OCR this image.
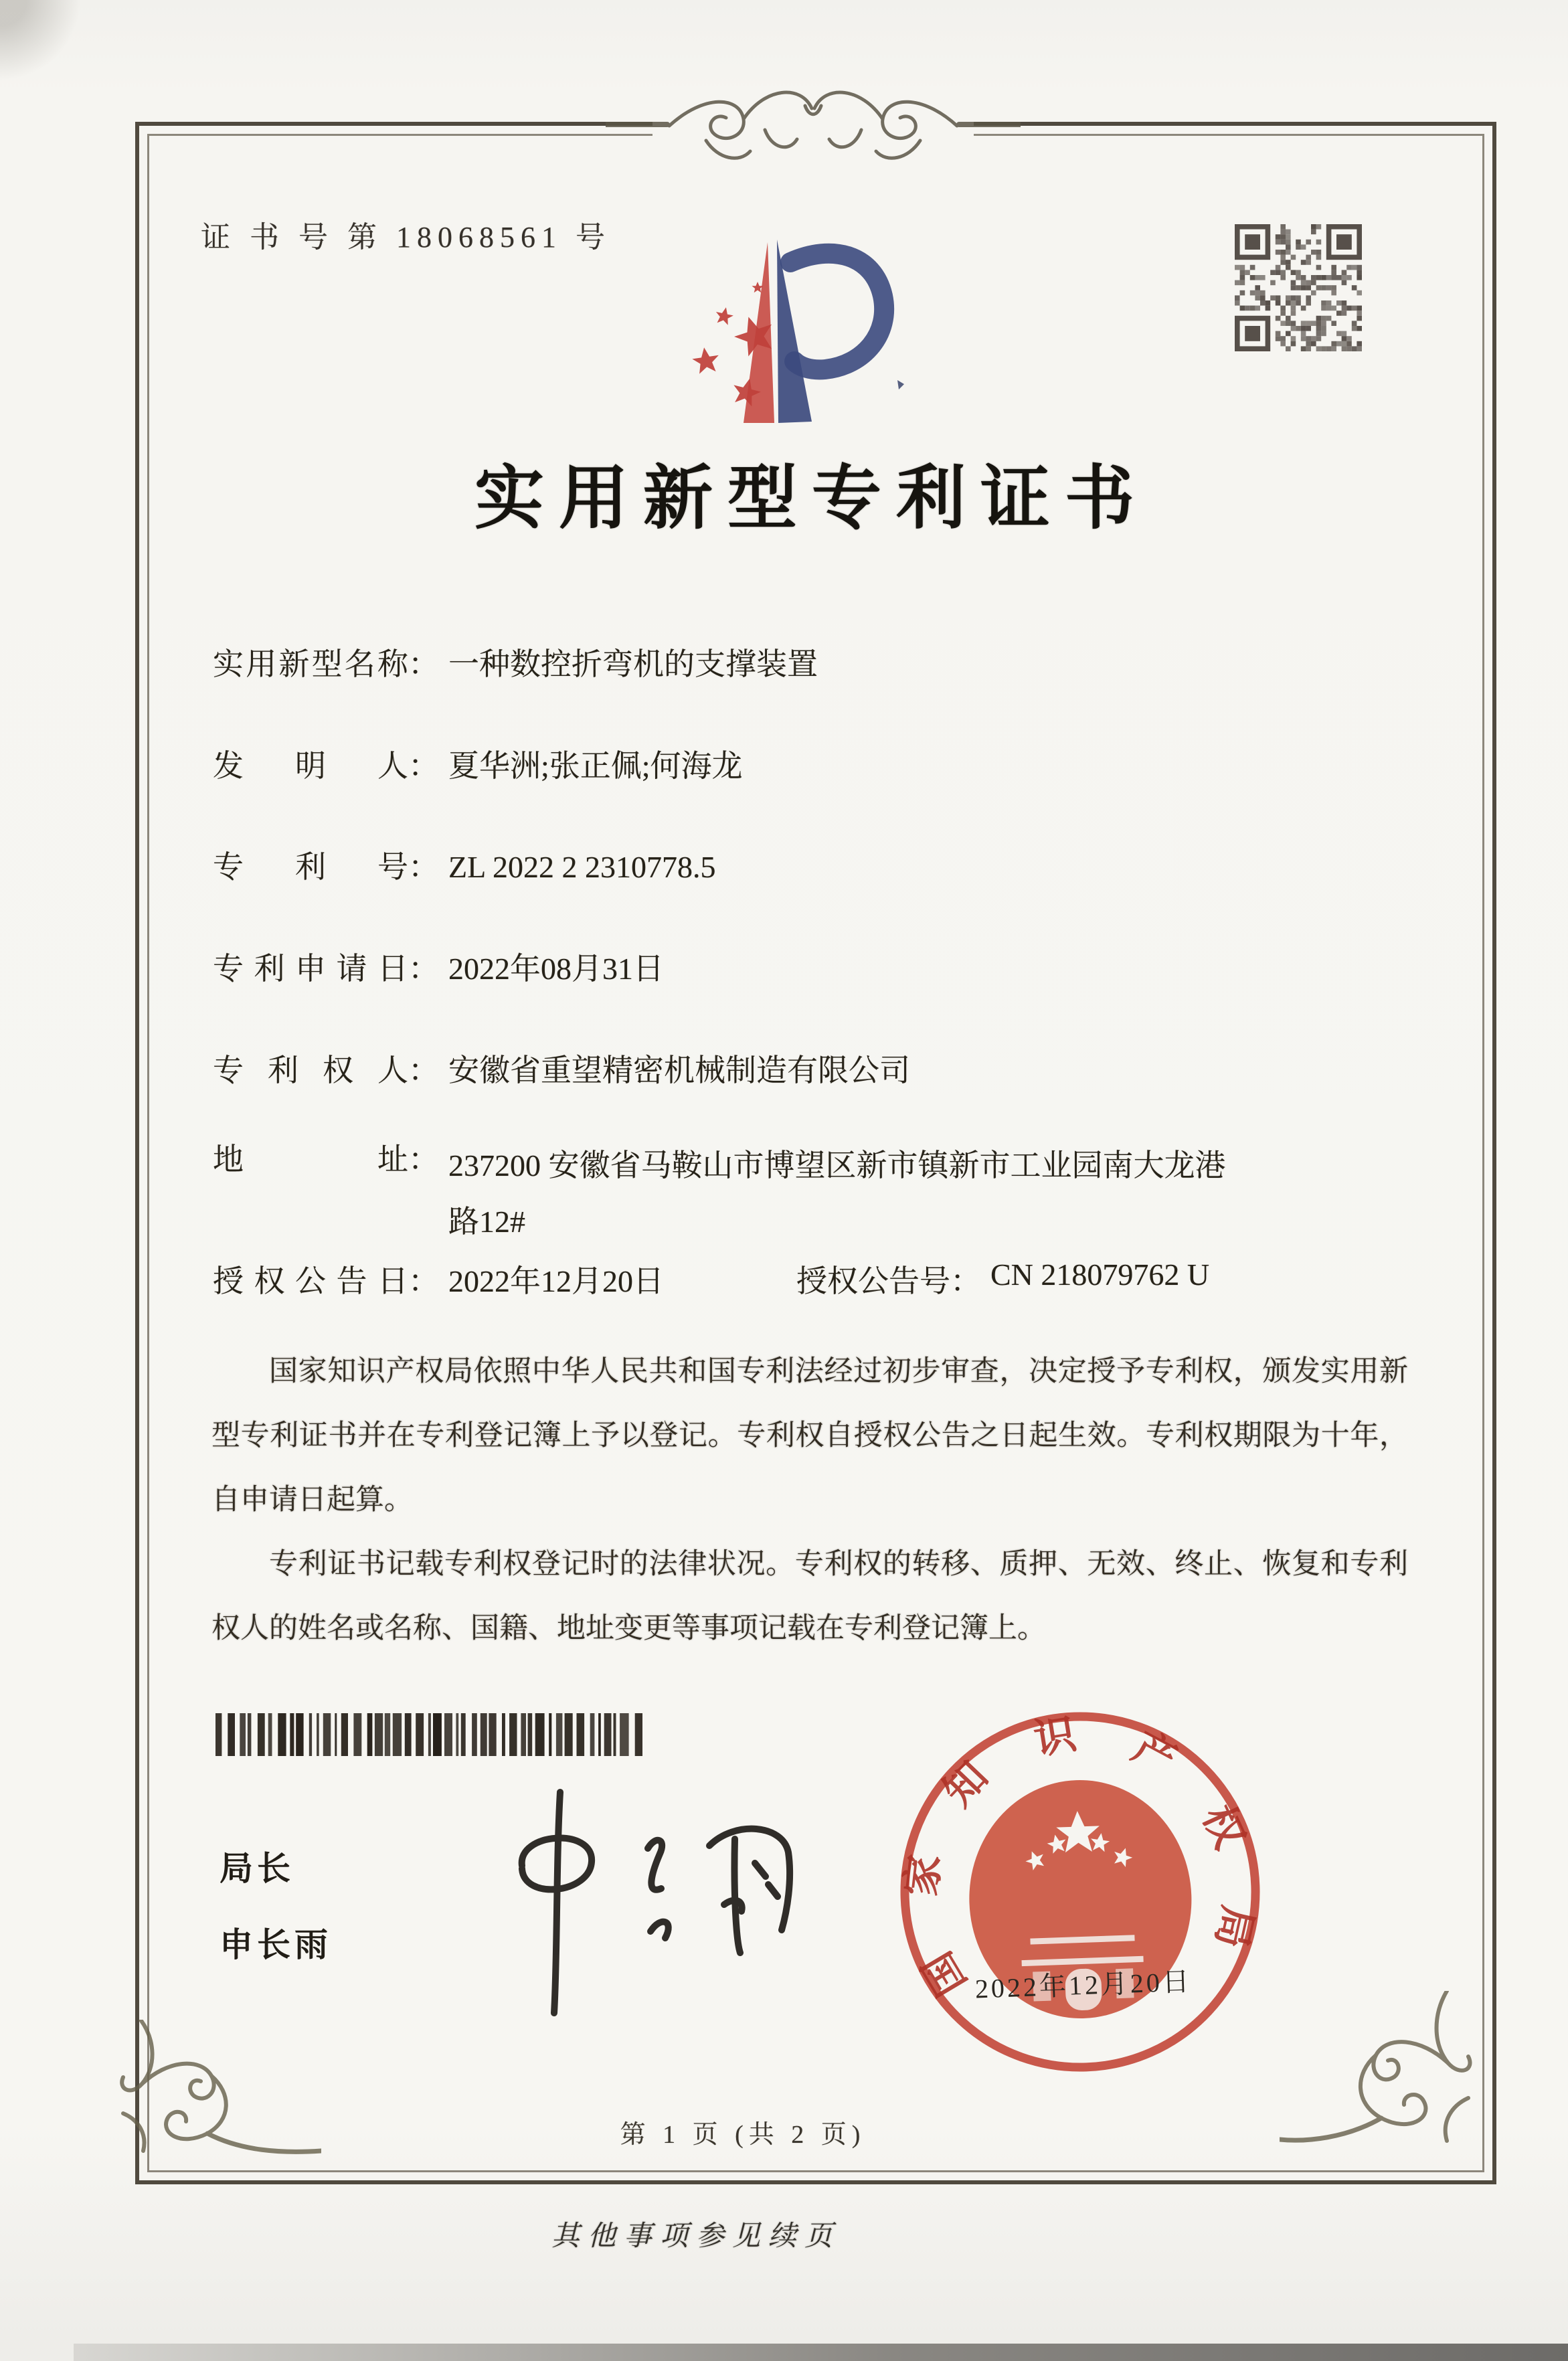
证 书 号 第 18068561 号
实用新型专利证书
实用新型名称 ： 一种数控折弯机的支撑装置
发明人 ： 夏华洲;张正佩;何海龙
专利号 ： ZL 2022 2 2310778.5
专利申请日 ： 2022年08月31日
专利权人 ： 安徽省重望精密机械制造有限公司
地址 ： 237200 安徽省马鞍山市博望区新市镇新市工业园南大龙港路12#
授权公告日 ： 2022年12月20日	授权公告号 ： CN 218079762 U

国家知识产权局依照中华人民共和国专利法经过初步审查，决定授予专利权，颁发实用新型专利证书并在专利登记簿上予以登记。专利权自授权公告之日起生效。专利权期限为十年，自申请日起算。

专利证书记载专利权登记时的法律状况。专利权的转移、质押、无效、终止、恢复和专利权人的姓名或名称、国籍、地址变更等事项记载在专利登记簿上。

局长
申长雨	国家知识产权局
2022年12月20日
第 1 页 (共 2 页)
其他事项参见续页
